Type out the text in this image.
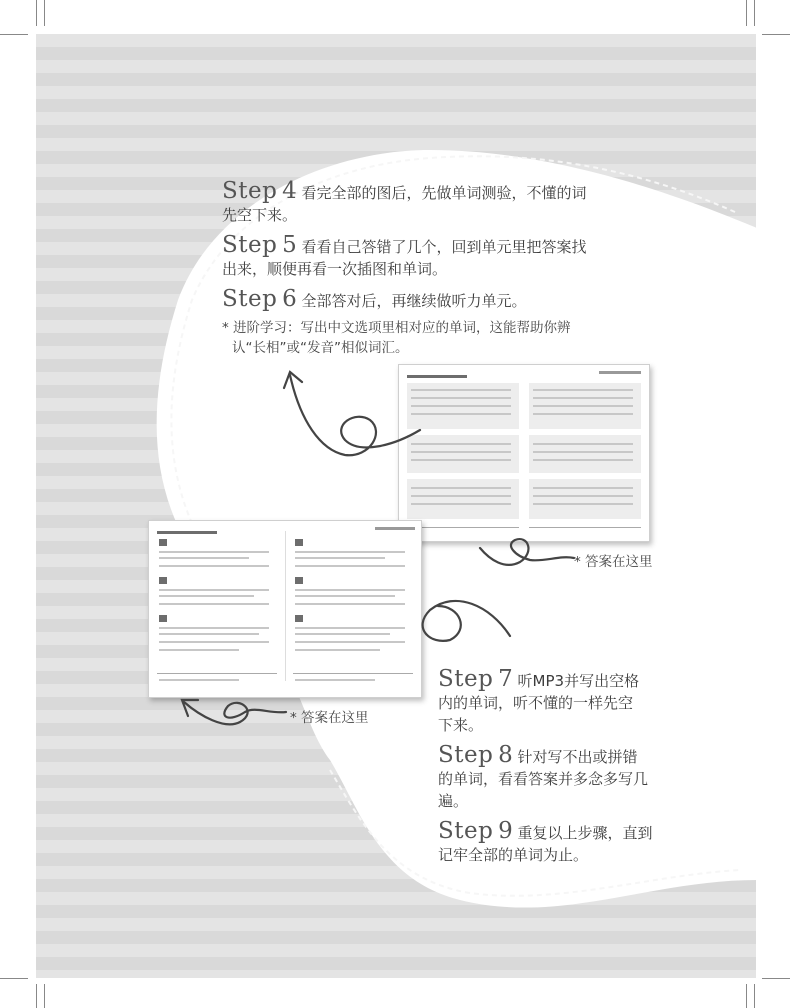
Step 4 看完全部的图后，先做单词测验，不懂的词
先空下来。
Step 5 看看自己答错了几个，回到单元里把答案找
出来，顺便再看一次插图和单词。
Step 6 全部答对后，再继续做听力单元。
* 进阶学习：写出中文选项里相对应的单词，这能帮助你辨
认“长相”或“发音”相似词汇。
* 答案在这里
* 答案在这里
Step 7 听MP3并写出空格
内的单词，听不懂的一样先空
下来。
Step 8 针对写不出或拼错
的单词，看看答案并多念多写几
遍。
Step 9 重复以上步骤，直到
记牢全部的单词为止。
